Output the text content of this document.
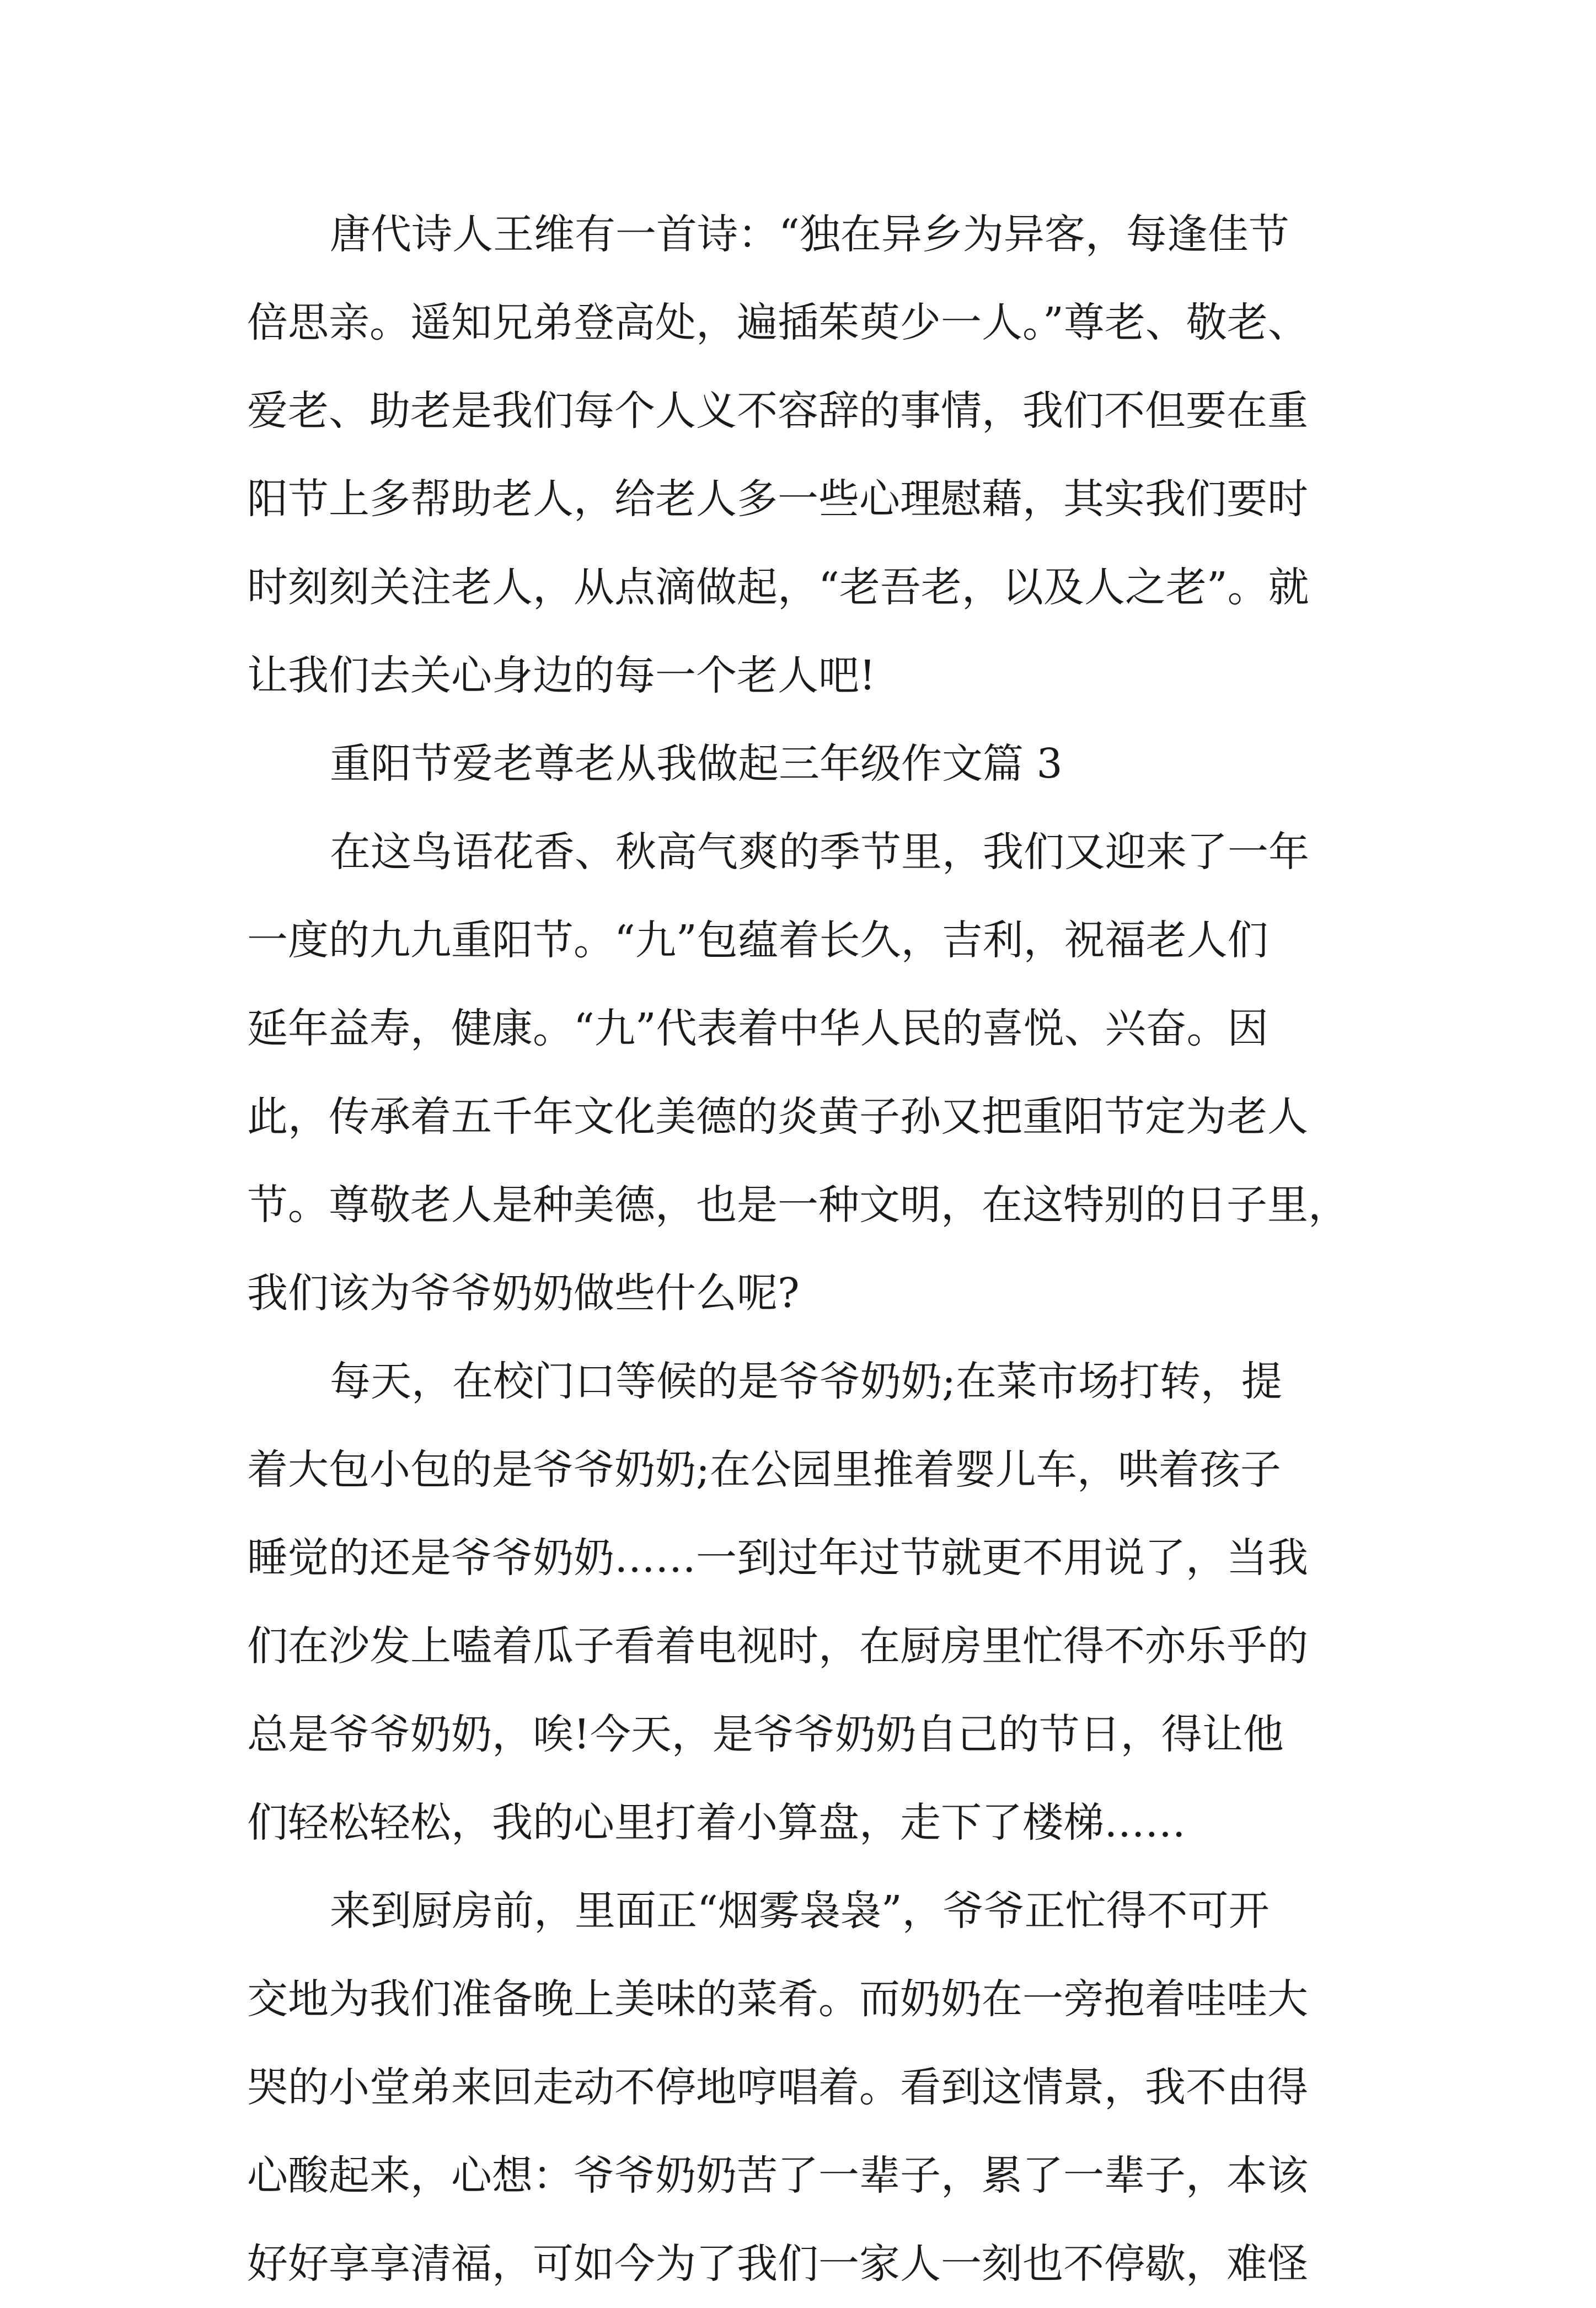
唐代诗人王维有一首诗：“独在异乡为异客，每逢佳节

倍思亲。遥知兄弟登高处，遍插茱萸少一人。”尊老、敬老、

爱老、助老是我们每个人义不容辞的事情，我们不但要在重

阳节上多帮助老人，给老人多一些心理慰藉，其实我们要时

时刻刻关注老人，从点滴做起，“老吾老，以及人之老”。就

让我们去关心身边的每一个老人吧!

重阳节爱老尊老从我做起三年级作文篇 3

在这鸟语花香、秋高气爽的季节里，我们又迎来了一年

一度的九九重阳节。“九”包蕴着长久，吉利，祝福老人们

延年益寿，健康。“九”代表着中华人民的喜悦、兴奋。因

此，传承着五千年文化美德的炎黄子孙又把重阳节定为老人

节。尊敬老人是种美德，也是一种文明，在这特别的日子里，

我们该为爷爷奶奶做些什么呢?

每天，在校门口等候的是爷爷奶奶;在菜市场打转，提

着大包小包的是爷爷奶奶;在公园里推着婴儿车，哄着孩子

睡觉的还是爷爷奶奶……一到过年过节就更不用说了，当我

们在沙发上嗑着瓜子看着电视时，在厨房里忙得不亦乐乎的

总是爷爷奶奶，唉!今天，是爷爷奶奶自己的节日，得让他

们轻松轻松，我的心里打着小算盘，走下了楼梯……

来到厨房前，里面正“烟雾袅袅”，爷爷正忙得不可开

交地为我们准备晚上美味的菜肴。而奶奶在一旁抱着哇哇大

哭的小堂弟来回走动不停地哼唱着。看到这情景，我不由得

心酸起来，心想：爷爷奶奶苦了一辈子，累了一辈子，本该

好好享享清福，可如今为了我们一家人一刻也不停歇，难怪
